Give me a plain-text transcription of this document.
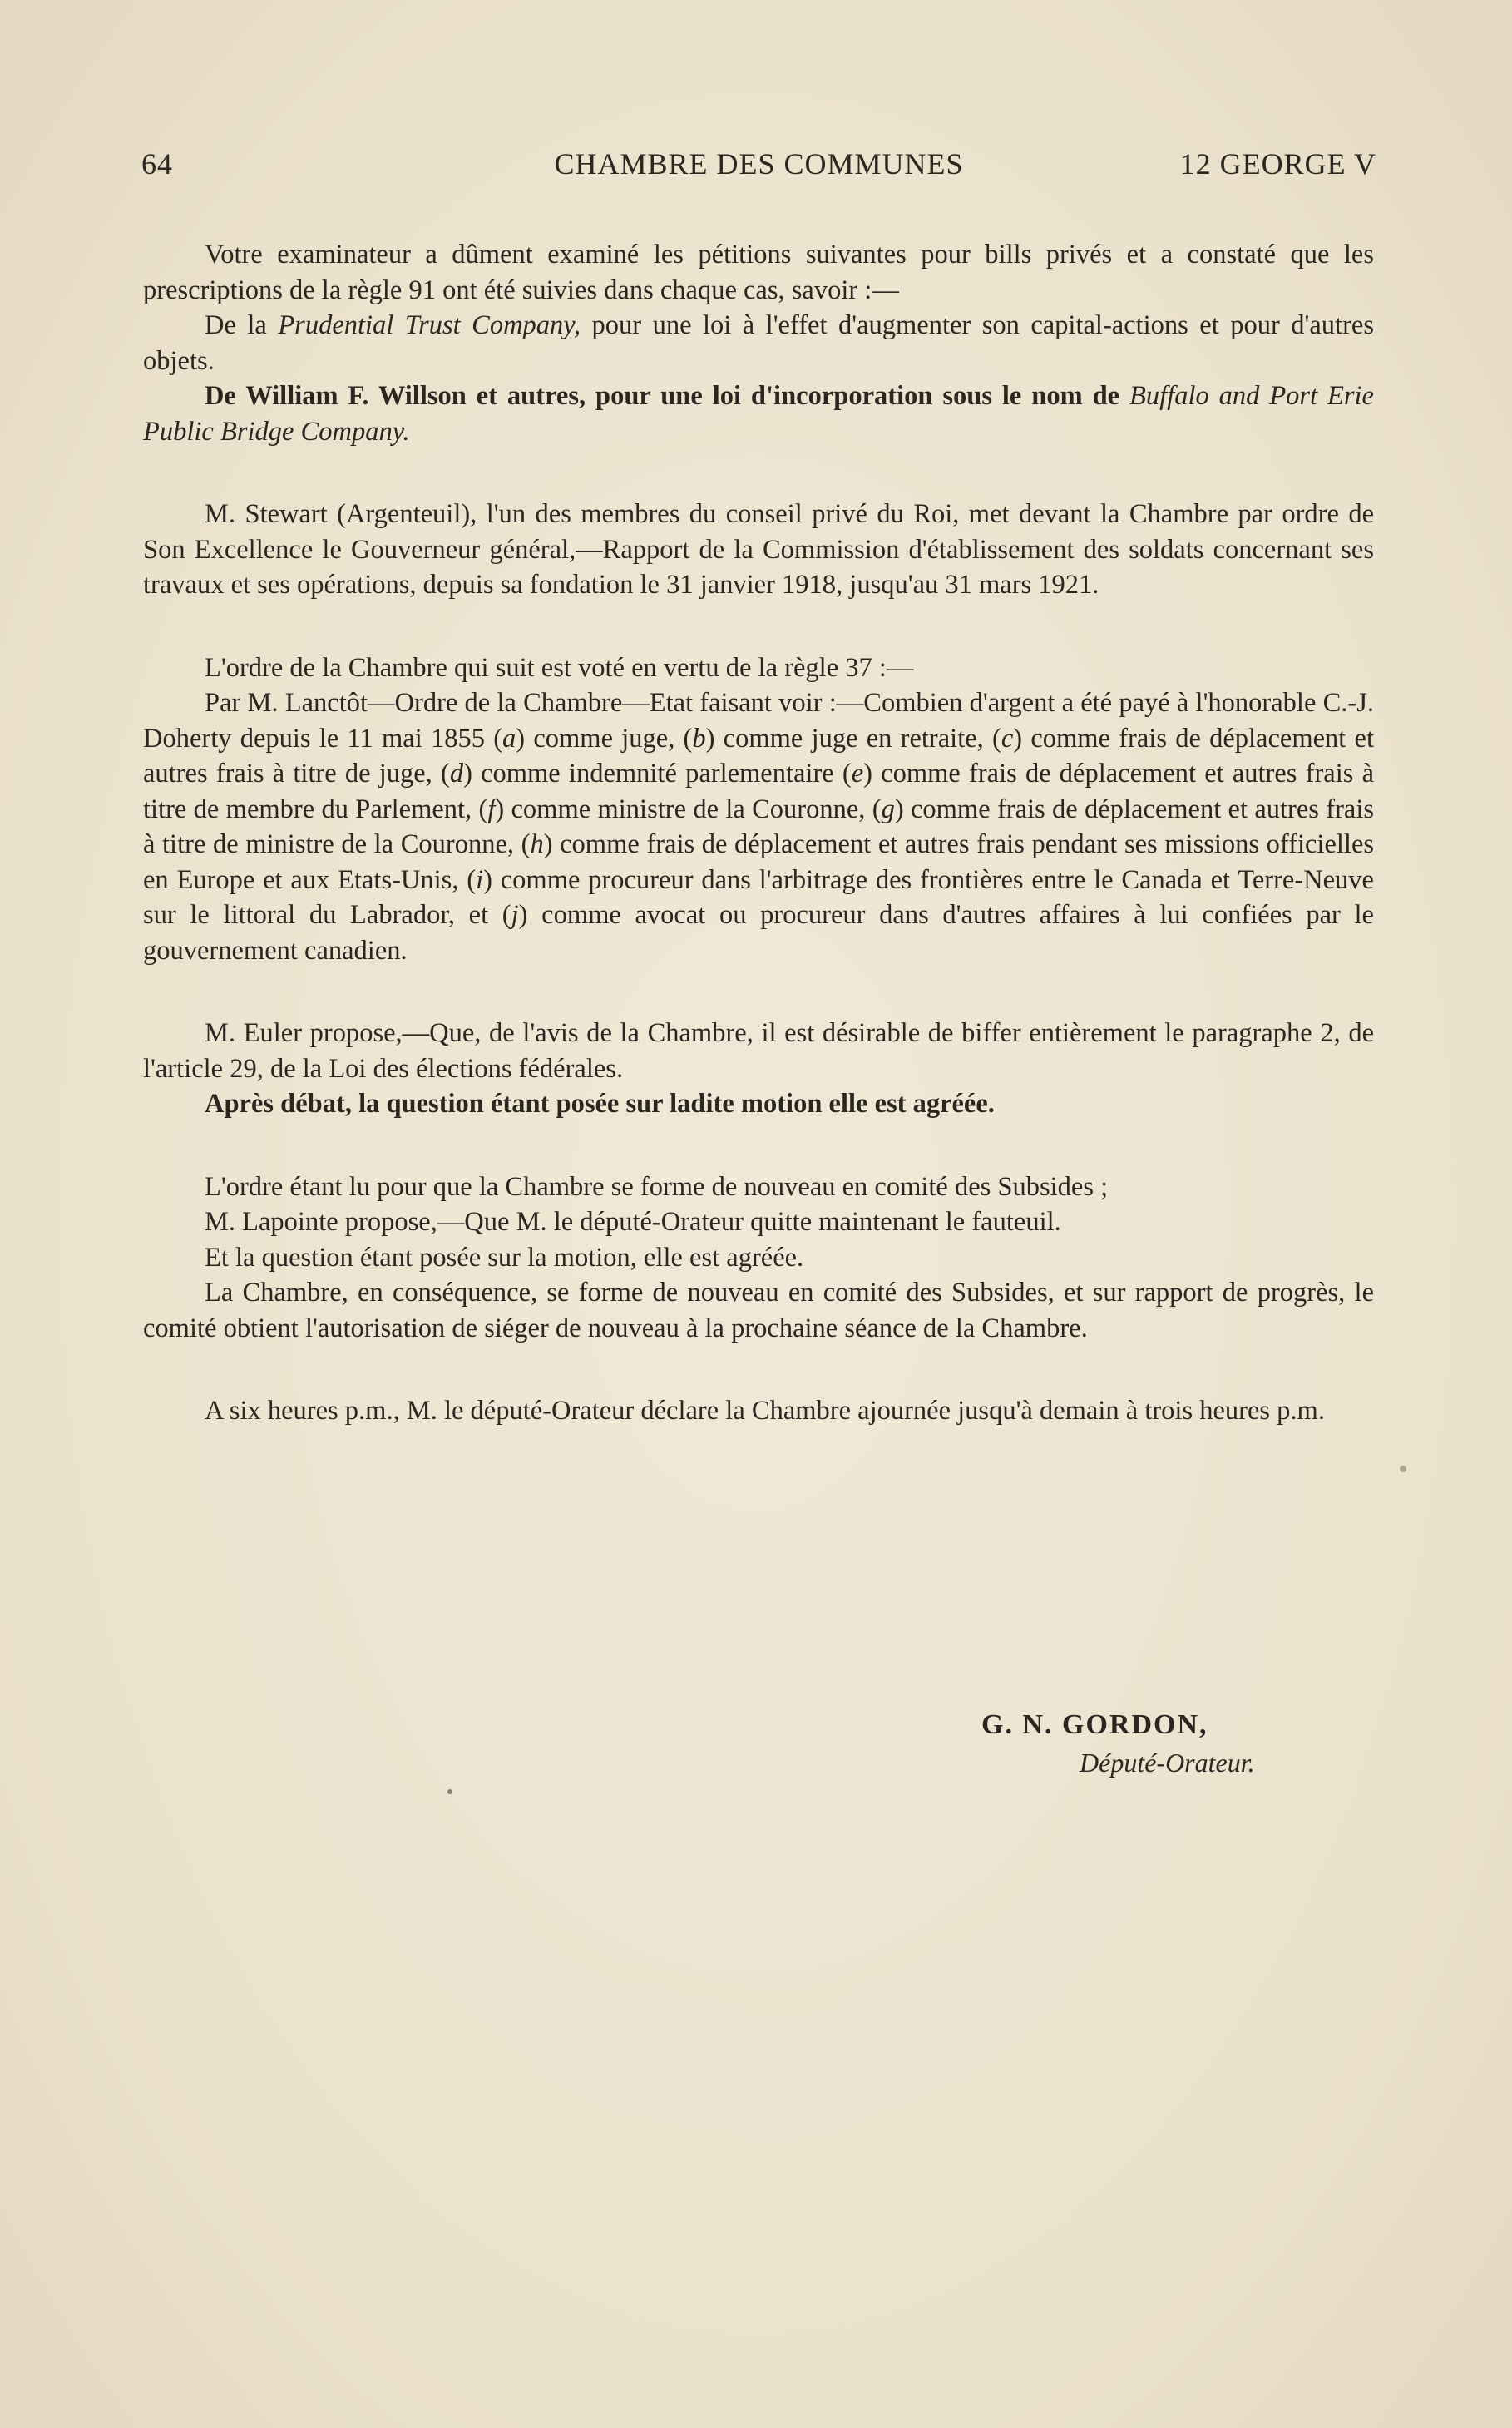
64	CHAMBRE DES COMMUNES	12 GEORGE V

Votre examinateur a dûment examiné les pétitions suivantes pour bills privés et a constaté que les prescriptions de la règle 91 ont été suivies dans chaque cas, savoir :—

De la Prudential Trust Company, pour une loi à l'effet d'augmenter son capital-actions et pour d'autres objets.

De William F. Willson et autres, pour une loi d'incorporation sous le nom de Buffalo and Port Erie Public Bridge Company.

M. Stewart (Argenteuil), l'un des membres du conseil privé du Roi, met devant la Chambre par ordre de Son Excellence le Gouverneur général,—Rapport de la Commission d'établissement des soldats concernant ses travaux et ses opérations, depuis sa fondation le 31 janvier 1918, jusqu'au 31 mars 1921.

L'ordre de la Chambre qui suit est voté en vertu de la règle 37 :—

Par M. Lanctôt—Ordre de la Chambre—Etat faisant voir :—Combien d'argent a été payé à l'honorable C.-J. Doherty depuis le 11 mai 1855 (a) comme juge, (b) comme juge en retraite, (c) comme frais de déplacement et autres frais à titre de juge, (d) comme indemnité parlementaire (e) comme frais de déplacement et autres frais à titre de membre du Parlement, (f) comme ministre de la Couronne, (g) comme frais de déplacement et autres frais à titre de ministre de la Couronne, (h) comme frais de déplacement et autres frais pendant ses missions officielles en Europe et aux Etats-Unis, (i) comme procureur dans l'arbitrage des frontières entre le Canada et Terre-Neuve sur le littoral du Labrador, et (j) comme avocat ou procureur dans d'autres affaires à lui confiées par le gouvernement canadien.

M. Euler propose,—Que, de l'avis de la Chambre, il est désirable de biffer entièrement le paragraphe 2, de l'article 29, de la Loi des élections fédérales.

Après débat, la question étant posée sur ladite motion elle est agréée.

L'ordre étant lu pour que la Chambre se forme de nouveau en comité des Subsides ;

M. Lapointe propose,—Que M. le député-Orateur quitte maintenant le fauteuil.

Et la question étant posée sur la motion, elle est agréée.

La Chambre, en conséquence, se forme de nouveau en comité des Subsides, et sur rapport de progrès, le comité obtient l'autorisation de siéger de nouveau à la prochaine séance de la Chambre.

A six heures p.m., M. le député-Orateur déclare la Chambre ajournée jusqu'à demain à trois heures p.m.

G. N. GORDON,
Député-Orateur.
